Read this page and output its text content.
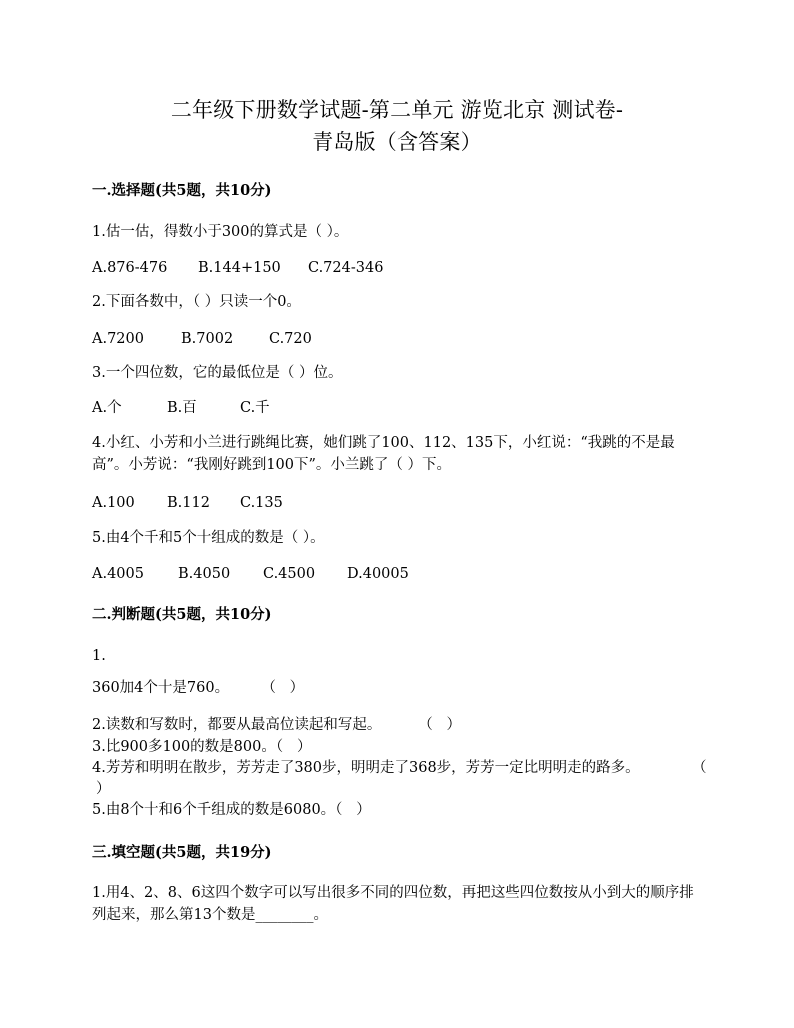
二年级下册数学试题-第二单元 游览北京 测试卷-
青岛版（含答案）
一.选择题(共5题，共10分)
1.估一估，得数小于300的算式是（ ）。
A.876-476	B.144+150	C.724-346
2.下面各数中，（ ）只读一个0。
A.7200	B.7002	C.720
3.一个四位数，它的最低位是（ ）位。
A.个	B.百	C.千
4.小红、小芳和小兰进行跳绳比赛，她们跳了100、112、135下，小红说：“我跳的不是最高”。小芳说：“我刚好跳到100下”。小兰跳了（ ）下。
A.100	B.112	C.135
5.由4个千和5个十组成的数是（ ）。
A.4005	B.4050	C.4500	D.40005
二.判断题(共5题，共10分)
1.
360加4个十是760。       （   ）
2.读数和写数时，都要从最高位读起和写起。        （   ）
3.比900多100的数是800。（   ）
4.芳芳和明明在散步，芳芳走了380步，明明走了368步，芳芳一定比明明走的路多。	（
）
5.由8个十和6个千组成的数是6080。（   ）
三.填空题(共5题，共19分)
1.用4、2、8、6这四个数字可以写出很多不同的四位数，再把这些四位数按从小到大的顺序排列起来，那么第13个数是________。
